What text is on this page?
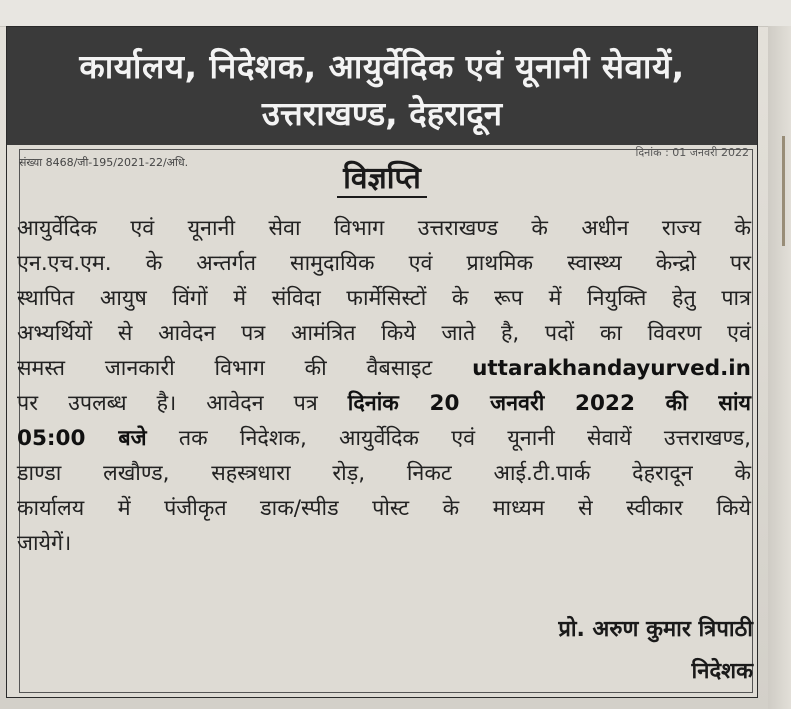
कार्यालय, निदेशक, आयुर्वेदिक एवं यूनानी सेवायें,
उत्तराखण्ड, देहरादून
संख्या 8468/जी-195/2021-22/अधि.
दिनांक : 01 जनवरी 2022
विज्ञप्ति
आयुर्वेदिक एवं यूनानी सेवा विभाग उत्तराखण्ड के अधीन राज्य के
एन.एच.एम. के अन्तर्गत सामुदायिक एवं प्राथमिक स्वास्थ्य केन्द्रो पर
स्थापित आयुष विंगों में संविदा फार्मेसिस्टों के रूप में नियुक्ति हेतु पात्र
अभ्यर्थियों से आवेदन पत्र आमंत्रित किये जाते है, पदों का विवरण एवं
समस्त जानकारी विभाग की वैबसाइट uttarakhandayurved.in
पर उपलब्ध है। आवेदन पत्र दिनांक 20 जनवरी 2022 की सांय
05:00 बजे तक निदेशक, आयुर्वेदिक एवं यूनानी सेवायें उत्तराखण्ड,
डाण्डा लखौण्ड, सहस्त्रधारा रोड़, निकट आई.टी.पार्क देहरादून के
कार्यालय में पंजीकृत डाक/स्पीड पोस्ट के माध्यम से स्वीकार किये
जायेगें।
प्रो. अरुण कुमार त्रिपाठी
निदेशक
